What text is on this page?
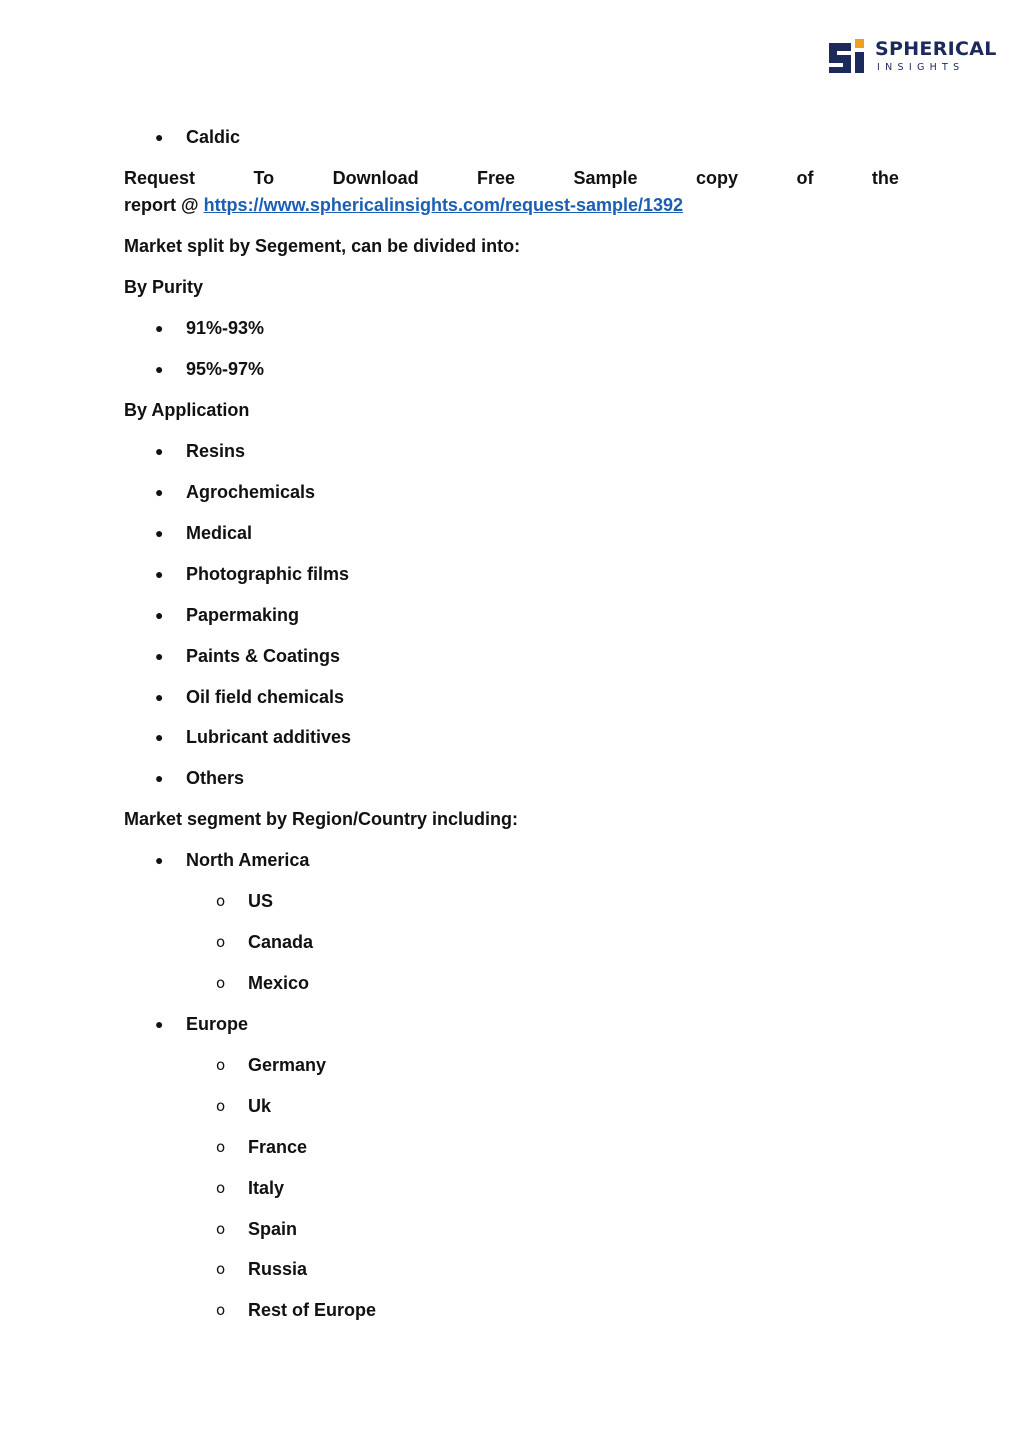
SPHERICAL
INSIGHTS
● Caldic
Request	To	Download	Free	Sample	copy	of	the
report @ https://www.sphericalinsights.com/request-sample/1392
Market split by Segement, can be divided into:
By Purity
● 91%-93%
● 95%-97%
By Application
● Resins
● Agrochemicals
● Medical
● Photographic films
● Papermaking
● Paints & Coatings
● Oil field chemicals
● Lubricant additives
● Others
Market segment by Region/Country including:
● North America
o US
o Canada
o Mexico
● Europe
o Germany
o Uk
o France
o Italy
o Spain
o Russia
o Rest of Europe
